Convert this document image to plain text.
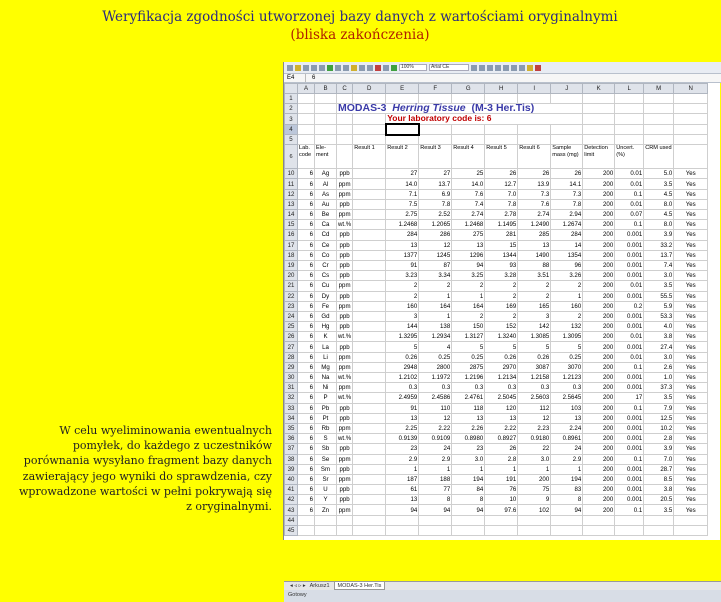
Weryfikacja zgodności utworzonej bazy danych z wartościami oryginalnymi
(bliska zakończenia)
W celu wyeliminowania ewentualnych pomyłek, do każdego z uczestników porównania wysyłano fragment bazy danych zawierający jego wyniki do sprawdzenia, czy wprowadzone wartości w pełni pokrywają się z oryginalnymi.
100%	Arial CE
E4	6
	A	B	C	D	E	F	G	H	I	J	K	L	M	N
1														
2			MODAS-3  Herring Tissue  (M-3 Her.Tis)											
3					Your laboratory code is: 6									
4														
5														
6	Lab. code	Ele-ment		Result 1	Result 2	Result 3	Result 4	Result 5	Result 6	Sample mass (mg)	Detection limit	Uncert. (%)	CRM used	
10	6	Ag	ppb		27	27	25	26	26	26	200	0.01	5.0	Yes
11	6	Al	ppm		14.0	13.7	14.0	12.7	13.9	14.1	200	0.01	3.5	Yes
12	6	As	ppm		7.1	6.9	7.6	7.0	7.3	7.3	200	0.1	4.5	Yes
13	6	Au	ppb		7.5	7.8	7.4	7.8	7.6	7.8	200	0.01	8.0	Yes
14	6	Be	ppm		2.75	2.52	2.74	2.78	2.74	2.94	200	0.07	4.5	Yes
15	6	Ca	wt.%		1.2468	1.2065	1.2468	1.1495	1.2490	1.2674	200	0.1	8.0	Yes
16	6	Cd	ppb		284	286	275	281	285	284	200	0.001	3.9	Yes
17	6	Ce	ppb		13	12	13	15	13	14	200	0.001	33.2	Yes
18	6	Co	ppb		1377	1245	1296	1344	1490	1354	200	0.001	13.7	Yes
19	6	Cr	ppb		91	87	94	93	88	96	200	0.001	7.4	Yes
20	6	Cs	ppb		3.23	3.34	3.25	3.28	3.51	3.26	200	0.001	3.0	Yes
21	6	Cu	ppm		2	2	2	2	2	2	200	0.01	3.5	Yes
22	6	Dy	ppb		2	1	1	2	2	1	200	0.001	55.5	Yes
23	6	Fe	ppm		160	164	164	169	165	160	200	0.2	5.9	Yes
24	6	Gd	ppb		3	1	2	2	3	2	200	0.001	53.3	Yes
25	6	Hg	ppb		144	138	150	152	142	132	200	0.001	4.0	Yes
26	6	K	wt.%		1.3295	1.2934	1.3127	1.3240	1.3085	1.3095	200	0.01	3.8	Yes
27	6	La	ppb		5	4	5	5	5	5	200	0.001	27.4	Yes
28	6	Li	ppm		0.26	0.25	0.25	0.26	0.26	0.25	200	0.01	3.0	Yes
29	6	Mg	ppm		2948	2800	2875	2970	3087	3070	200	0.1	2.6	Yes
30	6	Na	wt.%		1.2102	1.1972	1.2196	1.2134	1.2158	1.2123	200	0.001	1.0	Yes
31	6	Ni	ppm		0.3	0.3	0.3	0.3	0.3	0.3	200	0.001	37.3	Yes
32	6	P	wt.%		2.4959	2.4586	2.4761	2.5045	2.5603	2.5645	200	17	3.5	Yes
33	6	Pb	ppb		91	110	118	120	112	103	200	0.1	7.9	Yes
34	6	Pt	ppb		13	12	13	13	12	13	200	0.001	12.5	Yes
35	6	Rb	ppm		2.25	2.22	2.26	2.22	2.23	2.24	200	0.001	10.2	Yes
36	6	S	wt.%		0.9139	0.9109	0.8980	0.8927	0.9180	0.8961	200	0.001	2.8	Yes
37	6	Sb	ppb		23	24	23	26	22	24	200	0.001	3.9	Yes
38	6	Se	ppm		2.9	2.9	3.0	2.8	3.0	2.9	200	0.1	7.0	Yes
39	6	Sm	ppb		1	1	1	1	1	1	200	0.001	28.7	Yes
40	6	Sr	ppm		187	188	194	191	200	194	200	0.001	8.5	Yes
41	6	U	ppb		61	77	84	76	75	83	200	0.001	3.8	Yes
42	6	Y	ppb		13	8	8	10	9	8	200	0.001	20.5	Yes
43	6	Zn	ppm		94	94	94	97.6	102	94	200	0.1	3.5	Yes
44														
45														
◂ ◃ ▹ ▸ Arkusz1	MODAS-3 Her.Tis
Gotowy
